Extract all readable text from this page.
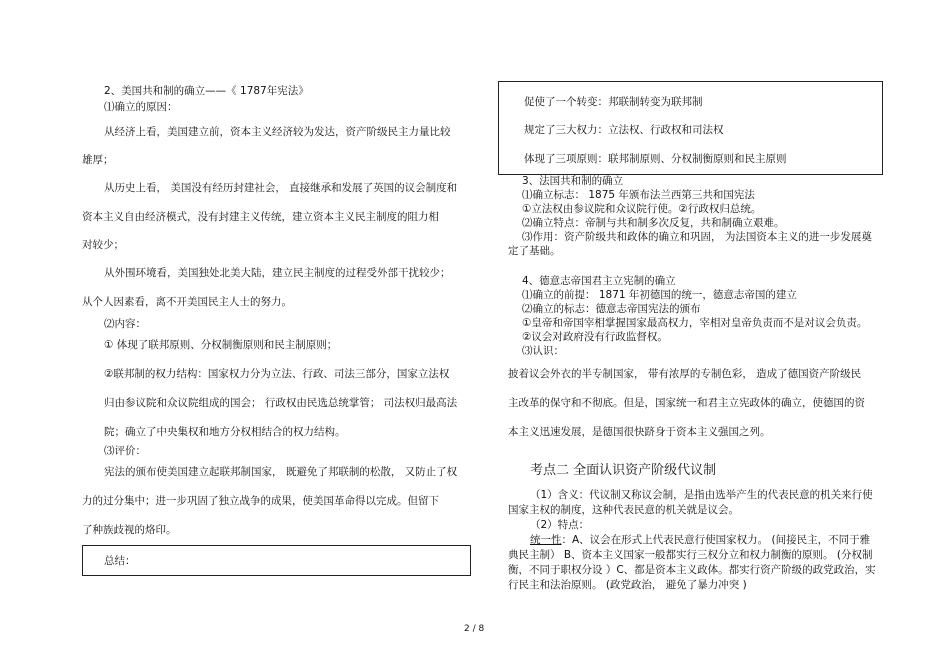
2、美国共和制的确立——《 1787年宪法》
⑴确立的原因：
从经济上看，美国建立前，资本主义经济较为发达，资产阶级民主力量比较
雄厚；
从历史上看， 美国没有经历封建社会， 直接继承和发展了英国的议会制度和
资本主义自由经济模式，没有封建主义传统，建立资本主义民主制度的阻力相
对较少；
从外围环境看，美国独处北美大陆，建立民主制度的过程受外部干扰较少；
从个人因素看，离不开美国民主人士的努力。
⑵内容：
① 体现了联邦原则、分权制衡原则和民主制原则；
②联邦制的权力结构：国家权力分为立法、行政、司法三部分，国家立法权
归由参议院和众议院组成的国会； 行政权由民选总统掌管； 司法权归最高法
院；确立了中央集权和地方分权相结合的权力结构。
⑶评价：
宪法的颁布使美国建立起联邦制国家， 既避免了邦联制的松散， 又防止了权
力的过分集中；进一步巩固了独立战争的成果，使美国革命得以完成。但留下
了种族歧视的烙印。
总结：
促使了一个转变：邦联制转变为联邦制
规定了三大权力：立法权、行政权和司法权
体现了三项原则：联邦制原则、分权制衡原则和民主原则
3、法国共和制的确立
⑴确立标志： 1875 年颁布法兰西第三共和国宪法
①立法权由参议院和众议院行使。②行政权归总统。
⑵确立特点：帝制与共和制多次反复，共和制确立艰难。
⑶作用：资产阶级共和政体的确立和巩固， 为法国资本主义的进一步发展奠
定了基础。
4、德意志帝国君主立宪制的确立
⑴确立的前提： 1871 年初德国的统一，德意志帝国的建立
⑵确立的标志：德意志帝国宪法的颁布
①皇帝和帝国宰相掌握国家最高权力，宰相对皇帝负责而不是对议会负责。
②议会对政府没有行政监督权。
⑶认识：
披着议会外衣的半专制国家， 带有浓厚的专制色彩， 造成了德国资产阶级民
主改革的保守和不彻底。但是，国家统一和君主立宪政体的确立，使德国的资
本主义迅速发展，是德国很快跻身于资本主义强国之列。
考点二 全面认识资产阶级代议制
（1）含义：代议制又称议会制，是指由选举产生的代表民意的机关来行使
国家主权的制度，这种代表民意的机关就是议会。
（2）特点：
统一性：A、议会在形式上代表民意行使国家权力。 (间接民主，不同于雅
典民主制） B、资本主义国家一般都实行三权分立和权力制衡的原则。 (分权制
衡，不同于职权分设 ）C、都是资本主义政体。都实行资产阶级的政党政治，实
行民主和法治原则。 (政党政治， 避免了暴力冲突 )
2 / 8
